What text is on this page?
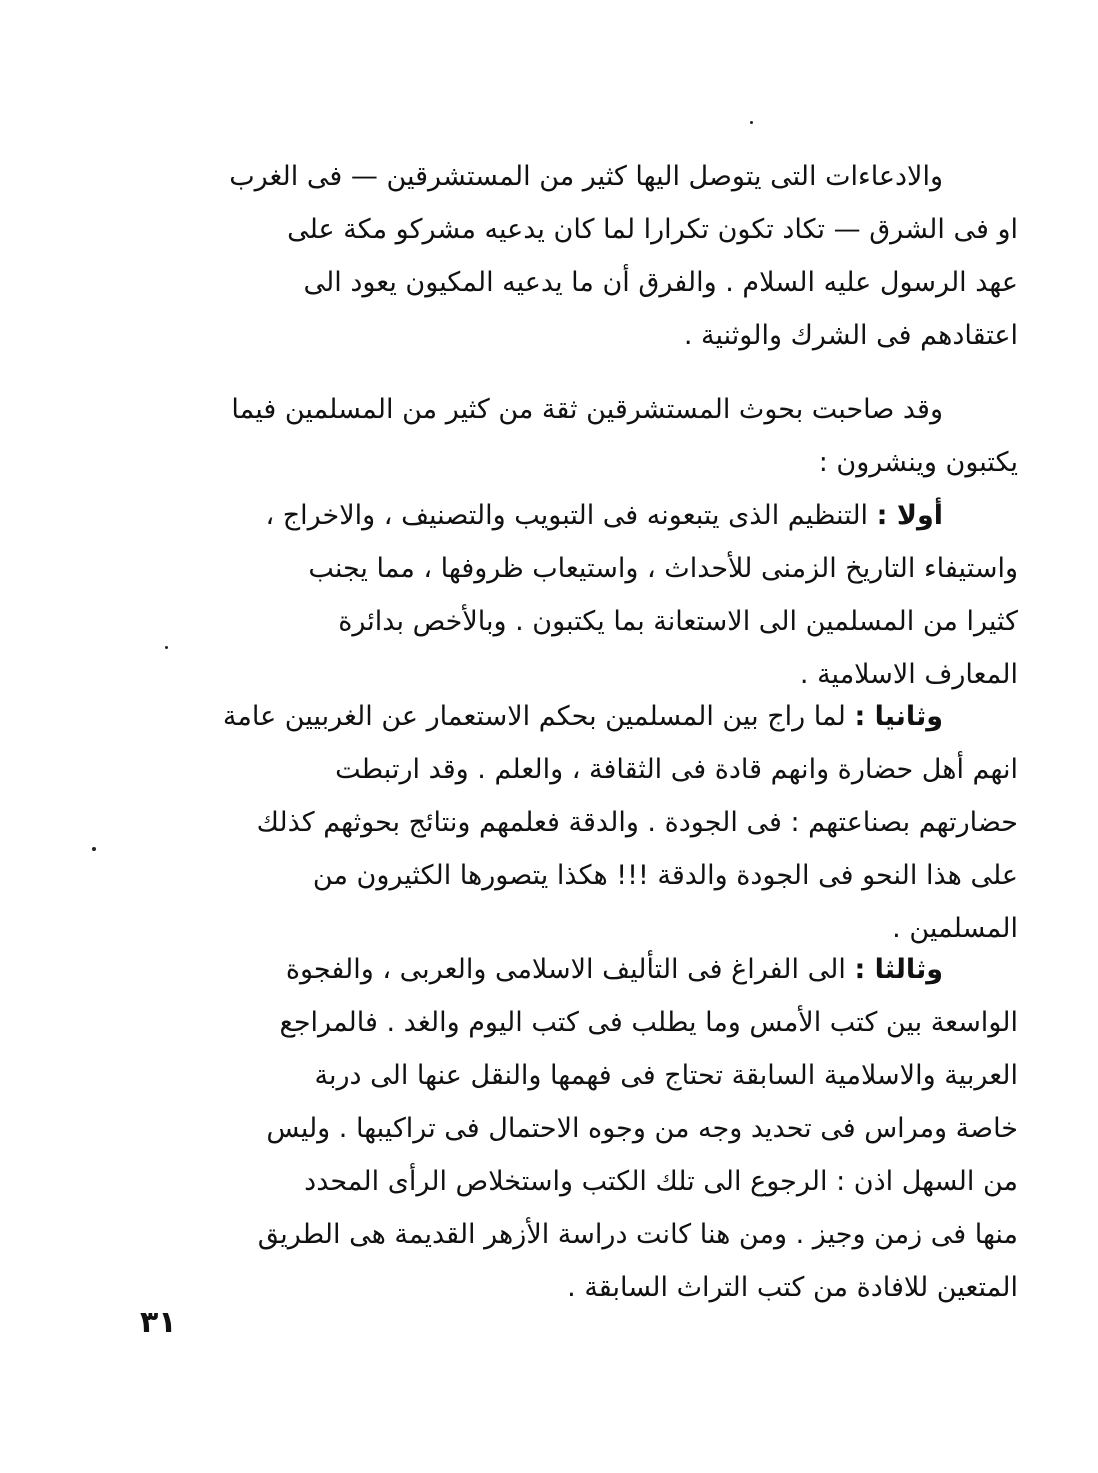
والادعاءات التى يتوصل اليها كثير من المستشرقين — فى الغرب
او فى الشرق — تكاد تكون تكرارا لما كان يدعيه مشركو مكة على
عهد الرسول عليه السلام . والفرق أن ما يدعيه المكيون يعود الى
اعتقادهم فى الشرك والوثنية .
وقد صاحبت بحوث المستشرقين ثقة من كثير من المسلمين فيما
يكتبون وينشرون :
أولا : التنظيم الذى يتبعونه فى التبويب والتصنيف ، والاخراج ،
واستيفاء التاريخ الزمنى للأحداث ، واستيعاب ظروفها ، مما يجنب
كثيرا من المسلمين الى الاستعانة بما يكتبون . وبالأخص بدائرة
المعارف الاسلامية .
وثانيا : لما راج بين المسلمين بحكم الاستعمار عن الغربيين عامة
انهم أهل حضارة وانهم قادة فى الثقافة ، والعلم . وقد ارتبطت
حضارتهم بصناعتهم : فى الجودة . والدقة فعلمهم ونتائج بحوثهم كذلك
على هذا النحو فى الجودة والدقة !!! هكذا يتصورها الكثيرون من
المسلمين .
وثالثا : الى الفراغ فى التأليف الاسلامى والعربى ، والفجوة
الواسعة بين كتب الأمس وما يطلب فى كتب اليوم والغد . فالمراجع
العربية والاسلامية السابقة تحتاج فى فهمها والنقل عنها الى دربة
خاصة ومراس فى تحديد وجه من وجوه الاحتمال فى تراكيبها . وليس
من السهل اذن : الرجوع الى تلك الكتب واستخلاص الرأى المحدد
منها فى زمن وجيز . ومن هنا كانت دراسة الأزهر القديمة هى الطريق
المتعين للافادة من كتب التراث السابقة .
٣١
